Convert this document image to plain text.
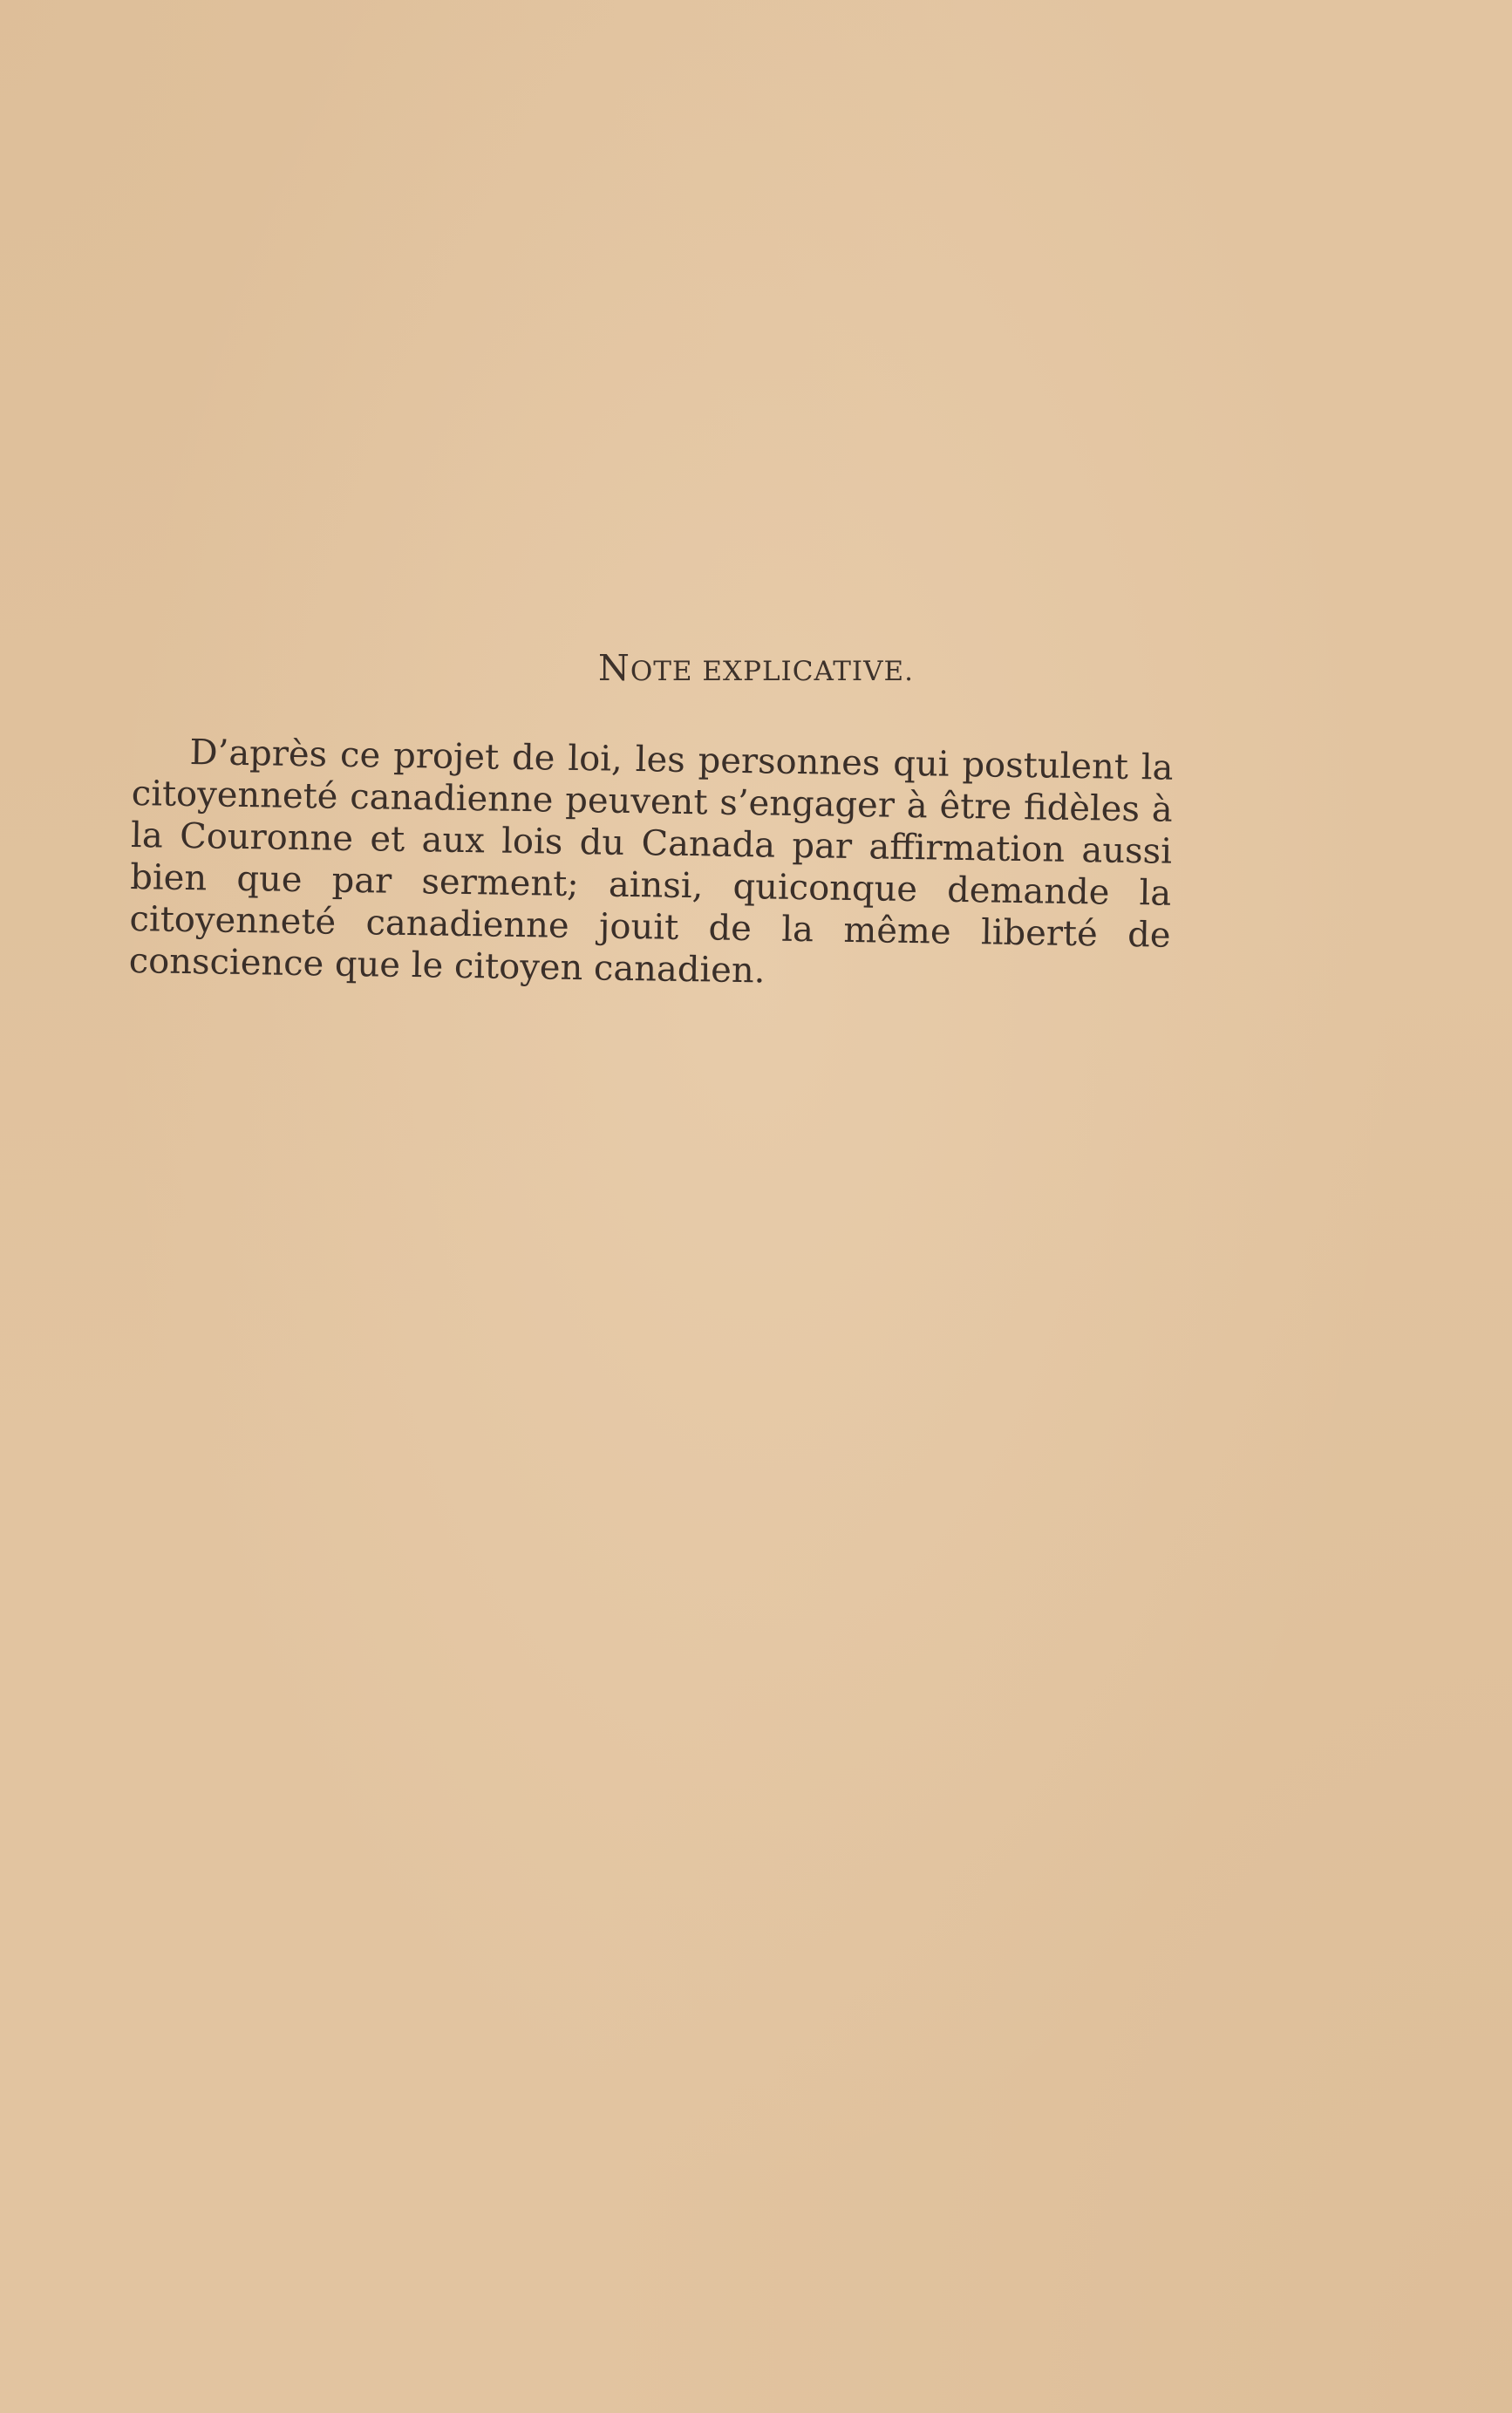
NOTE EXPLICATIVE.

D’après ce projet de loi, les personnes qui postulent la citoyenneté canadienne peuvent s’engager à être fidèles à la Couronne et aux lois du Canada par affirmation aussi bien que par serment; ainsi, quiconque demande la citoyenneté canadienne jouit de la même liberté de conscience que le citoyen canadien.
